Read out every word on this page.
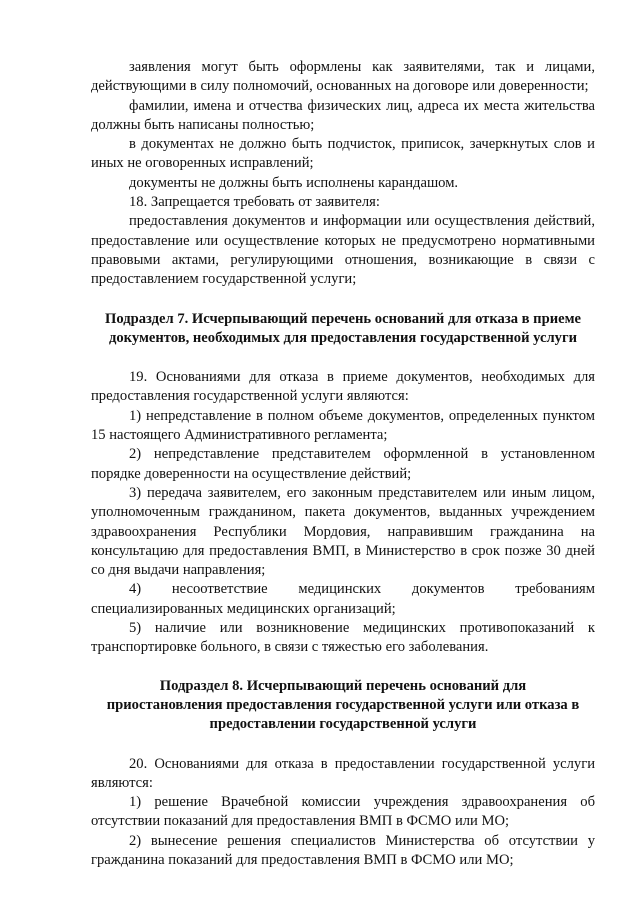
заявления могут быть оформлены как заявителями, так и лицами, действующими в силу полномочий, основанных на договоре или доверенности;

фамилии, имена и отчества физических лиц, адреса их места жительства должны быть написаны полностью;

в документах не должно быть подчисток, приписок, зачеркнутых слов и иных не оговоренных исправлений;

документы не должны быть исполнены карандашом.

18. Запрещается требовать от заявителя:

предоставления документов и информации или осуществления действий, предоставление или осуществление которых не предусмотрено нормативными правовыми актами, регулирующими отношения, возникающие в связи с предоставлением государственной услуги;

Подраздел 7. Исчерпывающий перечень оснований для отказа в приеме документов, необходимых для предоставления государственной услуги

19. Основаниями для отказа в приеме документов, необходимых для предоставления государственной услуги являются:

1) непредставление в полном объеме документов, определенных пунктом 15 настоящего Административного регламента;

2) непредставление представителем оформленной в установленном порядке доверенности на осуществление действий;

3) передача заявителем, его законным представителем или иным лицом, уполномоченным гражданином, пакета документов, выданных учреждением здравоохранения Республики Мордовия, направившим гражданина на консультацию для предоставления ВМП, в Министерство в срок позже 30 дней со дня выдачи направления;

4) несоответствие медицинских документов требованиям специализированных медицинских организаций;

5) наличие или возникновение медицинских противопоказаний к транспортировке больного, в связи с тяжестью его заболевания.

Подраздел 8. Исчерпывающий перечень оснований для приостановления предоставления государственной услуги или отказа в предоставлении государственной услуги

20. Основаниями для отказа в предоставлении государственной услуги являются:

1) решение Врачебной комиссии учреждения здравоохранения об отсутствии показаний для предоставления ВМП в ФСМО или МО;

2) вынесение решения специалистов Министерства об отсутствии у гражданина показаний для предоставления ВМП в ФСМО или МО;
